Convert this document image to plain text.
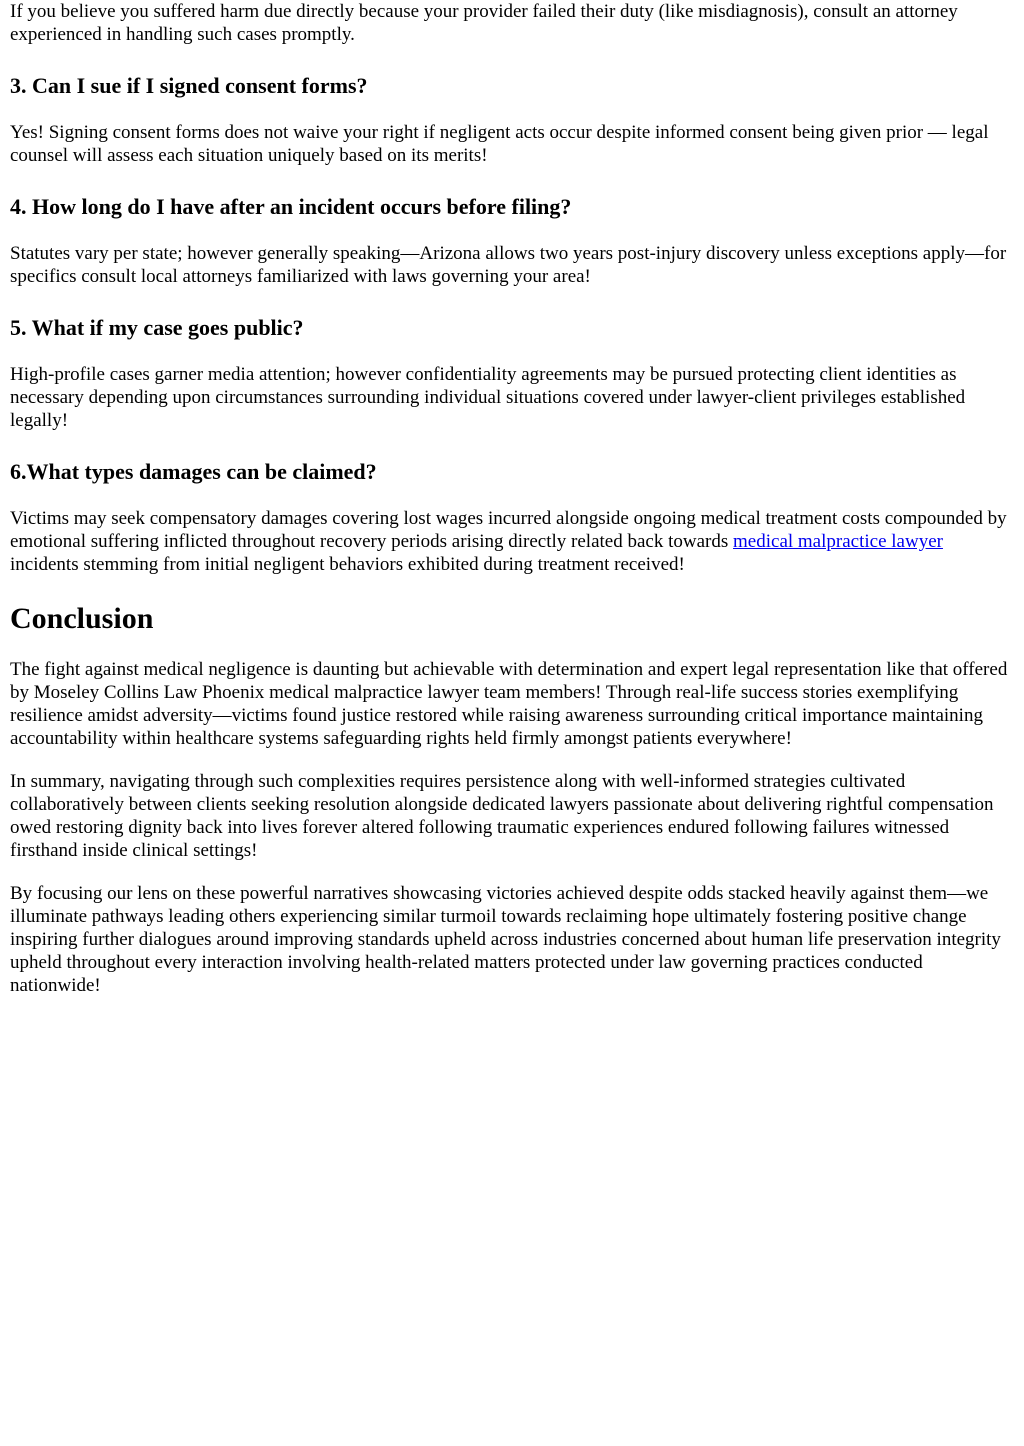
If you believe you suffered harm due directly because your provider failed their duty (like misdiagnosis), consult an attorney experienced in handling such cases promptly.

3. Can I sue if I signed consent forms?

Yes! Signing consent forms does not waive your right if negligent acts occur despite informed consent being given prior — legal counsel will assess each situation uniquely based on its merits!

4. How long do I have after an incident occurs before filing?

Statutes vary per state; however generally speaking—Arizona allows two years post-injury discovery unless exceptions apply—for specifics consult local attorneys familiarized with laws governing your area!

5. What if my case goes public?

High-profile cases garner media attention; however confidentiality agreements may be pursued protecting client identities as necessary depending upon circumstances surrounding individual situations covered under lawyer-client privileges established legally!

6.What types damages can be claimed?

Victims may seek compensatory damages covering lost wages incurred alongside ongoing medical treatment costs compounded by emotional suffering inflicted throughout recovery periods arising directly related back towards medical malpractice lawyer incidents stemming from initial negligent behaviors exhibited during treatment received!

Conclusion

The fight against medical negligence is daunting but achievable with determination and expert legal representation like that offered by Moseley Collins Law Phoenix medical malpractice lawyer team members! Through real-life success stories exemplifying resilience amidst adversity—victims found justice restored while raising awareness surrounding critical importance maintaining accountability within healthcare systems safeguarding rights held firmly amongst patients everywhere!

In summary, navigating through such complexities requires persistence along with well-informed strategies cultivated collaboratively between clients seeking resolution alongside dedicated lawyers passionate about delivering rightful compensation owed restoring dignity back into lives forever altered following traumatic experiences endured following failures witnessed firsthand inside clinical settings!

By focusing our lens on these powerful narratives showcasing victories achieved despite odds stacked heavily against them—we illuminate pathways leading others experiencing similar turmoil towards reclaiming hope ultimately fostering positive change inspiring further dialogues around improving standards upheld across industries concerned about human life preservation integrity upheld throughout every interaction involving health-related matters protected under law governing practices conducted nationwide!
